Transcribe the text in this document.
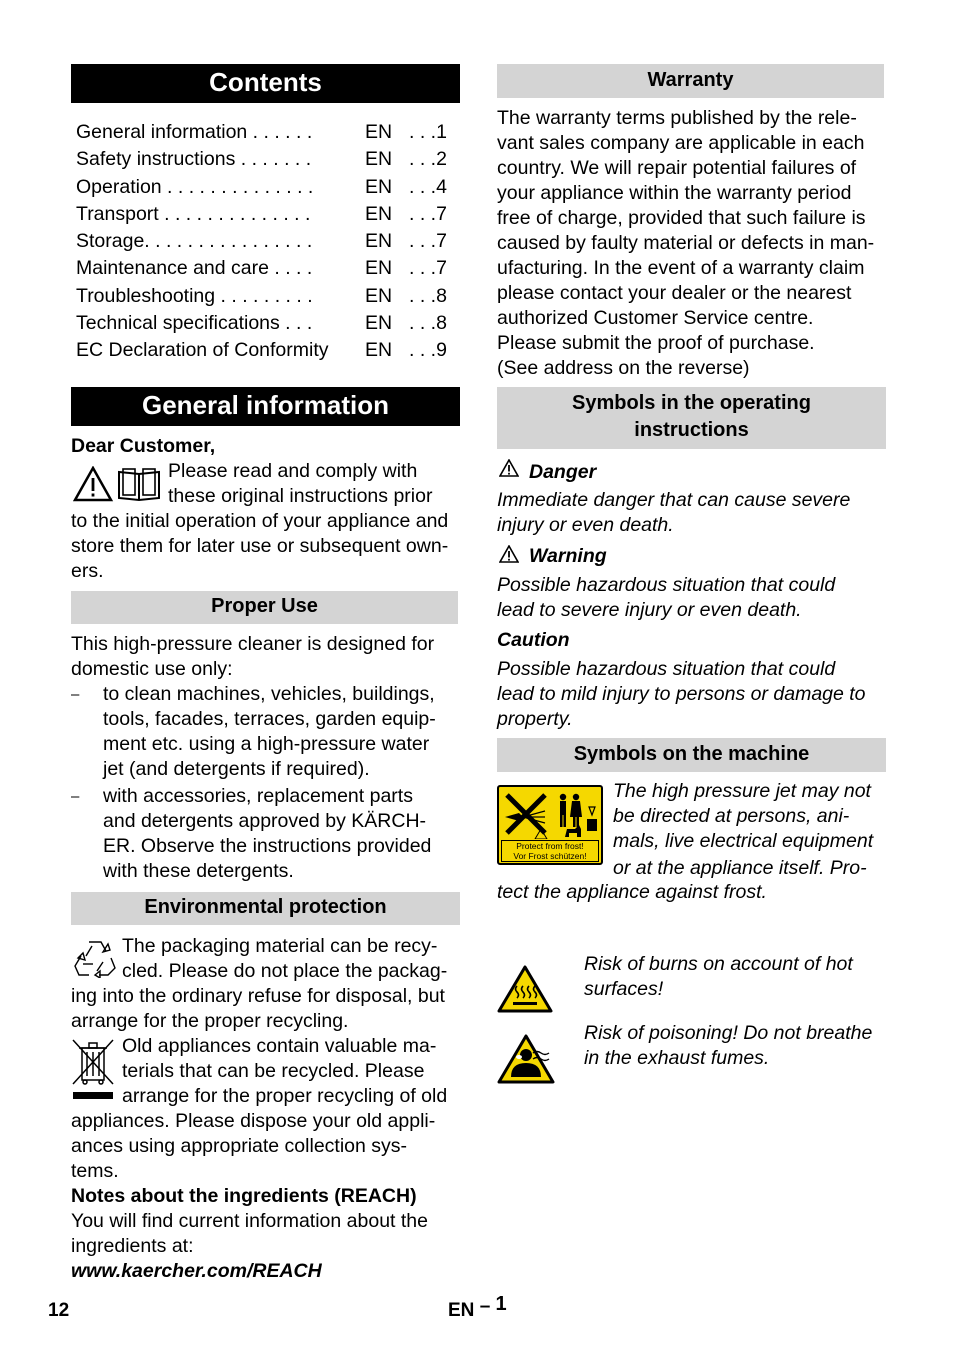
Contents
General information . . . . . .	EN . . .1
Safety instructions . . . . . . .	EN . . .2
Operation . . . . . . . . . . . . . .	EN . . .4
Transport . . . . . . . . . . . . . .	EN . . .7
Storage. . . . . . . . . . . . . . . .	EN . . .7
Maintenance and care . . . .	EN . . .7
Troubleshooting . . . . . . . . .	EN . . .8
Technical specifications . . .	EN . . .8
EC Declaration of Conformity EN . . .9
General information
Dear Customer,
Please read and comply with
these original instructions prior
to the initial operation of your appliance and
store them for later use or subsequent own-
ers.
Proper Use
This high-pressure cleaner is designed for
domestic use only:
– to clean machines, vehicles, buildings,
tools, facades, terraces, garden equip-
ment etc. using a high-pressure water
jet (and detergents if required).
– with accessories, replacement parts
and detergents approved by KÄRCH-
ER. Observe the instructions provided
with these detergents.
Environmental protection
The packaging material can be recy-
cled. Please do not place the packag-
ing into the ordinary refuse for disposal, but
arrange for the proper recycling.
Old appliances contain valuable ma-
terials that can be recycled. Please
arrange for the proper recycling of old
appliances. Please dispose your old appli-
ances using appropriate collection sys-
tems.
Notes about the ingredients (REACH)
You will find current information about the
ingredients at:
www.kaercher.com/REACH
Warranty
The warranty terms published by the rele-
vant sales company are applicable in each
country. We will repair potential failures of
your appliance within the warranty period
free of charge, provided that such failure is
caused by faulty material or defects in man-
ufacturing. In the event of a warranty claim
please contact your dealer or the nearest
authorized Customer Service centre.
Please submit the proof of purchase.
(See address on the reverse)
Symbols in the operating
instructions
Danger
Immediate danger that can cause severe
injury or even death.
Warning
Possible hazardous situation that could
lead to severe injury or even death.
Caution
Possible hazardous situation that could
lead to mild injury to persons or damage to
property.
Symbols on the machine
Protect from frost!
Vor Frost schützen!
The high pressure jet may not
be directed at persons, ani-
mals, live electrical equipment
or at the appliance itself. Pro-
tect the appliance against frost.
Risk of burns on account of hot
surfaces!
Risk of poisoning! Do not breathe
in the exhaust fumes.
12	EN – 1
